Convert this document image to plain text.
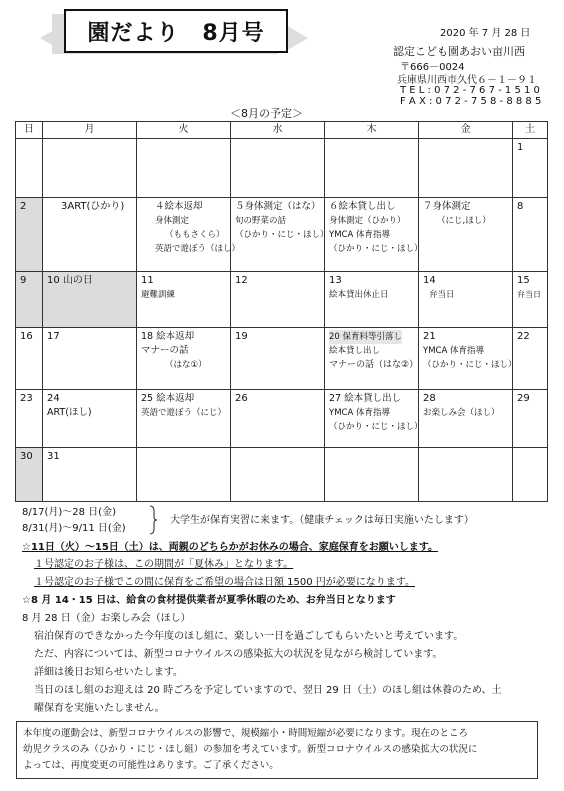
園だより　8月号	2020 年 7 月 28 日
認定こども園あおい亩川西
〒666－0024
兵庫県川西市久代６－１－９１
T E L : 0 7 2 - 7 6 7 - 1 5 1 0
F A X : 0 7 2 - 7 5 8 - 8 8 8 5
＜8月の予定＞
日	月	火	水	木	金	土

						1

2	3ART(ひかり)	４絵本返却
身体測定
（ももさくら）
英語で遊ぼう（ほし）	５身体測定（はな）
旬の野菜の話
（ひかり・にじ・ほし）	６絵本貸し出し
身体測定（ひかり）
YMCA 体育指導
（ひかり・にじ・ほし）	７身体測定
（にじ,ほし）	8

9	10 山の日	11
避難訓練	12	13
絵本貸出休止日	14
弁当日	15
弁当日

16	17	18 絵本返却
マナーの話
（はな①）	19	20 保育料等引落し
絵本貸し出し
マナーの話（はな②）	21
YMCA 体育指導
（ひかり・にじ・ほし）	22

23	24
ART(ほし)	25 絵本返却
英語で遊ぼう（にじ）	26	27 絵本貸し出し
YMCA 体育指導
（ひかり・にじ・ほし）	28
お楽しみ会（ほし）	29

30	31					

8/17(月)～28 日(金)
8/31(月)～9/11 日(金)
大学生が保育実習に来ます。（健康チェックは毎日実施いたします）
☆11日（火）～15日（土）は、両親のどちらかがお休みの場合、家庭保育をお願いします。
１号認定のお子様は、この期間が「夏休み」となります。
１号認定のお子様でこの間に保育をご希望の場合は日額 1500 円が必要になります。
☆8 月 14・15 日は、給食の食材提供業者が夏季休暇のため、お弁当日となります
8 月 28 日（金）お楽しみ会（ほし）
宿泊保育のできなかった今年度のほし組に、楽しい一日を過ごしてもらいたいと考えています。
ただ、内容については、新型コロナウイルスの感染拡大の状況を見ながら検討しています。
詳細は後日お知らせいたします。
当日のほし組のお迎えは 20 時ごろを予定していますので、翌日 29 日（土）のほし組は休養のため、土
曜保育を実施いたしません。
本年度の運動会は、新型コロナウイルスの影響で、規模縮小・時間短縮が必要になります。現在のところ
幼児クラスのみ（ひかり・にじ・ほし組）の参加を考えています。新型コロナウイルスの感染拡大の状況に
よっては、再度変更の可能性はあります。ご了承ください。
